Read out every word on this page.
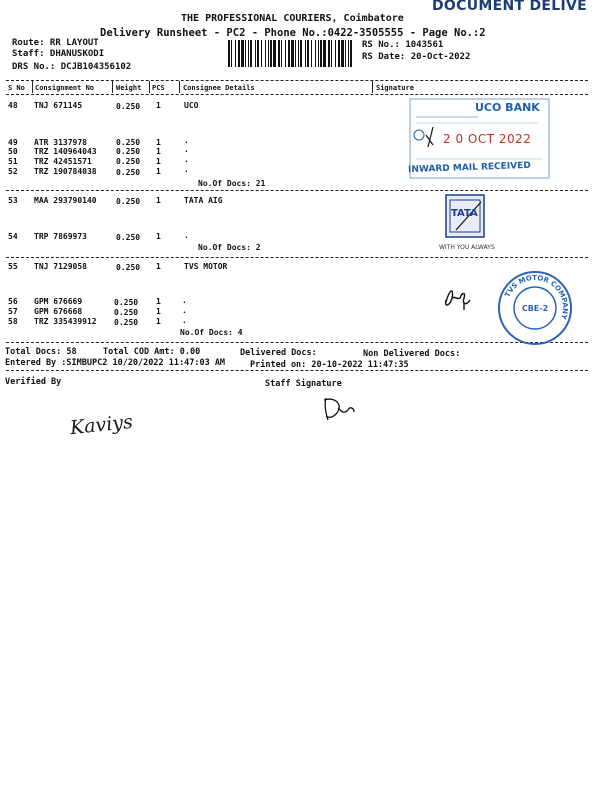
DOCUMENT DELIVE
THE PROFESSIONAL COURIERS, Coimbatore
Delivery Runsheet - PC2 - Phone No.:0422-3505555 - Page No.:2
Route: RR LAYOUT
Staff: DHANUSKODI
DRS No.: DCJB104356102
RS No.: 1043561
RS Date: 20-Oct-2022
S No Consignment No	Weight PCS	Consignee Details	Signature
48 TNJ 671145	0.250 1	UCO
49 ATR 3137978	0.250 1	.
50 TRZ 140964043 0.250 1	.
51 TRZ 42451571	0.250 1	.
52 TRZ 190784038 0.250 1	.
No.Of Docs: 21
53 MAA 293790140 0.250 1	TATA AIG
54 TRP 7869973	0.250 1	.
No.Of Docs: 2
55 TNJ 7129058	0.250 1	TVS MOTOR
56 GPM 676669	0.250 1	.
57 GPM 676668	0.250 1	.
58 TRZ 335439912 0.250 1	.
No.Of Docs: 4
Total Docs: 58	Total COD Amt: 0.00	Delivered Docs:	Non Delivered Docs:
Entered By :SIMBUPC2 10/20/2022 11:47:03 AM	Printed on: 20-10-2022 11:47:35
Verified By	Staff Signature
Kaviys
UCO BANK
2 0 OCT 2022
INWARD MAIL RECEIVED
TATA
WITH YOU ALWAYS
TVS MOTOR COMPANY
CBE-2
